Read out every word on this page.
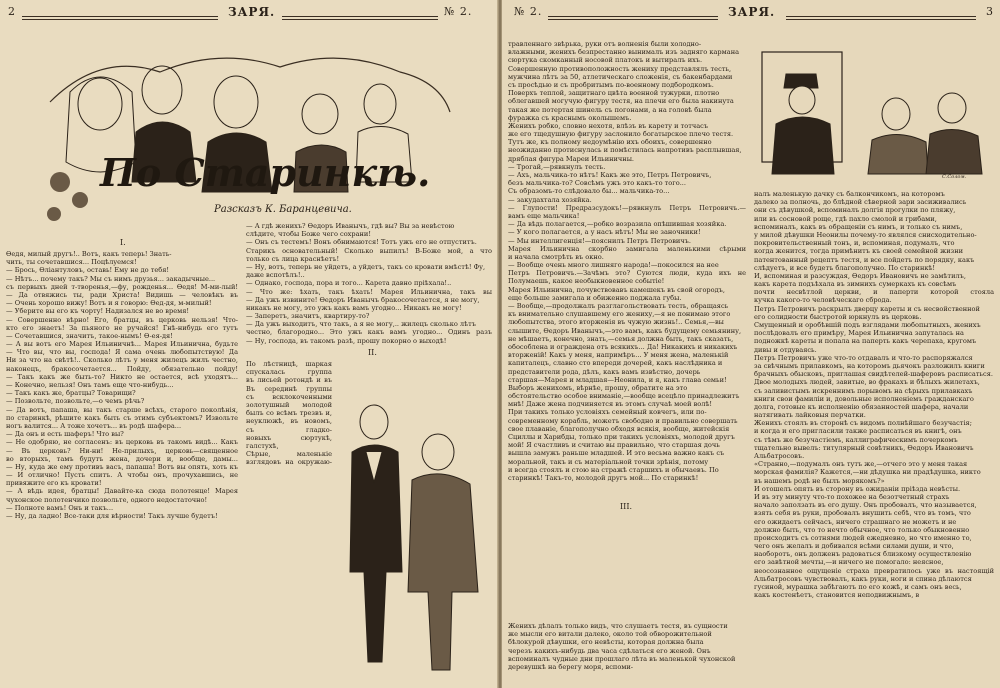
2	ЗАРЯ.	№ 2.
По Старинкѣ.
Разсказъ К. Баранцевича.
I.
Ѳедя, милый другъ!.. Вотъ, какъ теперь! Знать-
чить, ты сочетавшися... Поцѣлуемся!
— Брось, Ѳліантуловъ, оставь! Ему не до тебя!
— Нѣтъ... почему такъ? Мы съ нимъ друзья... закадычные...
съ первыхъ дней т-творенья,—фу, рожденья... Ѳедя! М-ми-лый!
— Да отвяжись ты, ради Христа! Видишь — человѣкъ въ
— Очень хорошо вижу! Вотъ и я говорю: Ѳед-дя, м-милый!
— Уберите вы его къ чорту! Надизался не во время!
— Совершенно вѣрно! Его, братцы, въ церковь нельзя! Что-
кто его знаетъ! За пьяного не ручайся! Гнѣ-нибудь его тутъ
— Сочетавшися, значитъ, такое-нымъ! Ѳ-ея-дя!
— А вы вотъ его Марея Ильиничнѣ... Марея Ильинична, будьте
— Что вы, что вы, господа! Я сама очень любопытствую! Да
Ни за что на свѣтѣ!.. Сколько лѣтъ у меня жилецъ жилъ честно,
наконецъ, бракосочетается... Пойду, обязательно пойду!
— Такъ какъ же быть-то? Никто не остается, всѣ уходятъ...
— Конечно, нельзя! Онъ тамъ еще что-нибудь...
— Такъ какъ же, братцы? Товарищи?
— Позвольте, позвольте,—о чемъ рѣчь?
— Да вотъ, папаша, вы такъ старше всѣхъ, старого поколѣнія,
по старинкѣ, рѣшите какъ быть съ этимъ субъектомъ? Извольте
ногъ валится... А тоже хочетъ... въ родѣ шафера...
— Да онъ и есть шаферъ! Что вы?
— Не одобряю, не согласенъ: въ церковь въ такомъ видѣ... Какъ
— Въ церковь? Ни-ни! Не-прилыхъ, церковь—священное
во вторыхъ, тамъ будутъ жена, дочери и, вообще, дамы...
— Ну, куда же ему противъ васъ, папаша! Вотъ вы опять, хоть къ
— И отлично! Пусть спитъ. А чтобы онъ, прочухавшись, не
привяжите его къ кровати!
— А вѣдь идея, братцы! Давайте-ка сюда полотенце! Марея
чухонское полотенчико позвольте, одного недостаточно!
— Полноте вамъ! Онъ и такъ...
— Ну, да ладно! Все-таки для вѣрности! Такъ лучше будетъ!
— А гдѣ женихъ? Ѳедоръ Иванычъ, гдѣ вы? Вы за невѣстою
слѣдите, чтобы Боже чего сохрани!
— Онъ съ тестемъ! Вонъ обнимаются! Тотъ ужъ его не отпуститъ.
Старикъ основательный! Сколько выпилъ! В-Боже мой, а что
только съ лица краснѣетъ!
— Ну, вотъ, теперь не уйдетъ, а уйдетъ, такъ со кровати вмѣстѣ! Фу,
даже вспотѣлъ!..
— Однако, господа, пора и того... Карета давно пріѣхала!..
— Что же: ѣхать, такъ ѣхать! Марея Ильинична, такъ вы
— Да ужъ извините! Ѳедоръ Иванычъ бракосочетается, я не могу,
никакъ не могу, это ужъ какъ вамъ угодно... Никакъ не могу!
— Заперетъ, значитъ, квартиру-то?
— Да ужъ выходитъ, что такъ, а я не могу,.. жилецъ сколько лѣтъ
честно, благородно... Это ужъ какъ вамъ угодно... Одинъ разъ
— Ну, господа, въ такомъ разѣ, прошу покорно о выходѣ!
II.
По лѣстницѣ, шаркая
спускалась группа
въ лисьей ротондѣ и въ
Въ серединѣ группы
съ всклокоченными
золотушный молодой
былъ со всѣмъ трезвъ и,
неуклюжѣ, въ новомъ,
съ гладко-
новыхъ сюртукѣ,
галстухѣ,
Сѣрые, маленькіе
взглядовъ на окружаю
№ 2.	ЗАРЯ.	3
травленнаго звѣрька, руки отъ волненія были холодно-
влажными, женихъ безпрестанно вынималъ изъ задняго кармана
сюртука скомканный носовой платокъ и вытиралъ ихъ.
Совершенную противоположность жениху представлялъ тесть,
мужчина лѣтъ за 50, атлетическаго сложенія, съ бакенбардами
съ просѣдью и съ пробритымъ по-военному подбородкомъ.
Поверхъ теплой, защитнаго цвѣта военной тужурки, плотно
облегавшей могучую фигуру тестя, на плечи его была накинута
такая же потертая шинель съ погонами, а на головѣ была
фуражка съ краснымъ околышемъ.
Женихъ робко, словно нехотя, влѣзъ въ карету и тотчасъ
же его тщедушную фигуру заслонило богатырское плечо тестя.
Тутъ же, къ полному недоумѣнію ихъ обоихъ, совершенно
неожиданно протиснулась и помѣстилась напротивъ расплывшая,
дряблая фигура Мареи Ильиничны.
— Трогай,—рявкнулъ тесть.
— Ахъ, мальчика-то нѣтъ! Какъ же это, Петръ Петровичъ,
безъ мальчика-то? Совсѣмъ ужъ это какъ-то того...
Съ образомъ-то слѣдовало бы... мальчика-то...
— закудахтала хозяйка.
— Глупости! Предразсудокъ!—рявкнулъ Петръ Петровичъ.—
вамъ еще мальчика!
— Да вѣдь полагается,—робко возразила опѣшившая хозяйка.
— У кого полагается, а у насъ нѣтъ! Мы не заночники!
— Мы интеллигенція!—пояснилъ Петръ Петровичъ.
Марея Ильинична скорбно замигала маленькими сѣрыми
и начала смотрѣть въ окно.
— Вообще очень много лишняго народа!—покосился на нее
Петръ Петровичъ.—Зачѣмъ это? Суются люди, куда ихъ не
Полумаешь, какое необыкновенное событіе!
Марея Ильинична, почувствовавъ камешекъ въ свой огородъ,
еще больше замигала и обиженно поджала губы.
— Вообще,—продолжалъ разглагольствовать тесть, обращаясь
къ внимательно слушавшему его жениху,—я не понимаю этого
любопытства, этого вторженія въ чужую жизнь!.. Семья,—вы
слышите, Ѳедоръ Иванычъ,—это вамъ, какъ будущему семьянину,
не мѣшаетъ, конечно, знать,—семья должна быть, такъ сказать,
обособлена и ограждена отъ всякихъ... Да! Никакихъ и никакихъ
вторженій! Какъ у меня, напримѣръ... У меня жена, маленькій
капиталецъ, славно сто впереди дочерей, какъ наслѣдника и
представители рода, дѣлъ, какъ вамъ извѣстно, дочерь
старшая—Марея и младшая—Неонила, и я, какъ глава семьи!
Выборъ женихомъ, вѣрнѣе, прошу, обратите на это
обстоятельство особое вниманіе,—вообще всецѣло принадлежитъ
мнѣ! Даже жена подчиняется въ этомъ случаѣ моей волѣ!
При такихъ только условіяхъ семейный ковчегъ, или по-
современному корабль, можетъ свободно и правильно совершать
свое плаваніе, благополучно обходя всякія, вообще, житейскія
Сциллы и Харибды, только при такихъ условіяхъ, молодой другъ
мой! Я счастливъ и считаю вы правильно, что старшая дочь
вышла замужъ раньше младшей. И это весьма важно какъ съ
моральной, такъ и съ матеріальной точки зрѣнія, потому
и всегда стоялъ и стою на стражѣ старшихъ и обычаевъ. По
старинкѣ! Такъ-то, молодой другъ мой... По старинкѣ!
III.
Женихъ дѣлалъ только видъ, что слушаетъ тестя, въ сущности
же мысли его витали далеко, около той обворожительной
бѣлокурой дѣвушки, его невѣсты, которая должна была
черезъ какихъ-нибудь два часа сдѣлаться его женой. Онъ
вспоминалъ чудные дни прошлаго лѣта въ маленькой чухонской
деревушкѣ на берегу моря, вспоми-
С.Солом.
налъ маленькую дачку съ балкончикомъ, на которомъ
далеко за полночь, до блѣдной сѣверной зари засиживались
они съ дѣвушкой, вспоминалъ долгія прогулки по пляжу,
или въ сосновой роще, гдѣ пахло смолой и грибами,
вспоминалъ, какъ въ обращеніи съ нимъ, и только съ нимъ,
у милой дѣвушки Неонилы почему-то являлся снисходительно-
покровительственный тонъ, и, вспоминая, подумалъ, что
когда женится, тогда примѣнитъ къ своей семейной жизни
патентованный рецептъ тестя, и все пойдетъ по порядку, какъ
слѣдуетъ, и все будетъ благополучно. По старинкѣ!
И, вспоминая и разсуждая, Ѳедоръ Ивановичъ не замѣтилъ,
какъ карета подъѣхала въ зимнихъ сумеркахъ къ совсѣмъ
почти несвѣтлой церкви, и паперти которой стояла
кучка какого-то человѣческаго сброда.
Петръ Петровичъ раскрылъ дверцу кареты и съ несвойственной
его солидности быстротой юркнулъ въ церковь.
Смущенный и оробѣвшій подъ взглядами любопытныхъ, женихъ
послѣдовалъ его примѣру, Марея Ильинична запуталась на
подножкѣ кареты и попала на паперть какъ черепаха, кругомъ
дивы и отдуваясь.
Петръ Петровичъ уже что-то отдавалъ и что-то распоряжался
за свѣчнымъ прилавкомъ, на которомъ дьячокъ разложилъ книги
брачныхъ обысковъ, приглашая свидѣтелей-шаферовъ расписаться.
Двое молодыхъ людей, завитые, во фракахъ и бѣлыхъ жилетахъ,
съ заливистымъ искреннимъ порывомъ на сѣрыхъ прилавкахъ
книги свои фамиліи и, довольные исполненіемъ гражданскаго
долга, готовые къ исполненію обязанностей шафера, начали
натягивать лайковыя перчатки.
Женихъ стоялъ въ сторонѣ съ видомъ полнѣйшаго безучастія;
и когда и его пригласили также расписаться въ книгѣ, онъ
съ тѣмъ же безучастіемъ, каллиграфическимъ почеркомъ
тщательно вывелъ: титулярный совѣтникъ, Ѳедоръ Ивановичъ
Альбатросовъ.
«Странно,—подумалъ онъ тутъ же,—отчего это у меня такая
морская фамилія? Кажется,—ни дѣдушка ни прадѣдушка, никто
въ нашемъ родѣ не былъ морякомъ?»
И отошелъ опять въ сторону въ ожиданіи пріѣзда невѣсты.
И въ эту минуту что-то похожее на безотчетный страхъ
начало заползать въ его душу. Онъ пробовалъ, что называется,
взять себя въ руки, пробовалъ внушить себѣ, что въ томъ, что
его ожидаетъ сейчасъ, ничего страшнаго не можетъ и не
должно быть, что то нечто обычное, что только обыкновенно
происходитъ съ сотнями людей ежедневно, но что именно то,
чего онъ желалъ и добивался всѣми силами души, и что,
наоборотъ, онъ долженъ радоваться близкому осуществленію
его завѣтной мечты,—и ничего не помогало: неясное,
неосознанное ощущеніе страха превратилось уже въ настоящій
Альбатросовъ чувствовалъ, какъ руки, ноги и спина дѣлаются
гусиной, мурашка забѣгаютъ по его кожѣ, и самъ онъ весь,
какъ костенѣетъ, становится неподвижнымъ, в
